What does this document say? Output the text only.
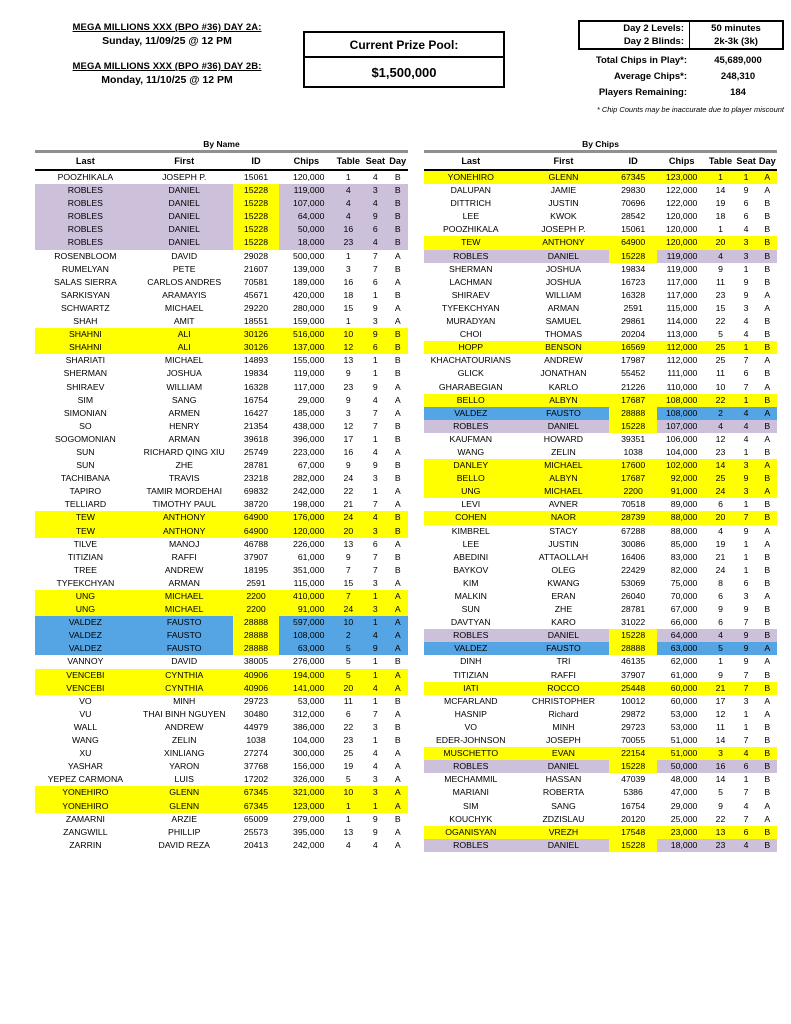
MEGA MILLIONS XXX (BPO #36) DAY 2A:
Sunday, 11/09/25 @ 12 PM
MEGA MILLIONS XXX (BPO #36) DAY 2B:
Monday, 11/10/25 @ 12 PM
Current Prize Pool:
$1,500,000
Day 2 Levels:	50 minutes
Day 2 Blinds:	2k-3k (3k)
Total Chips in Play*:	45,689,000
Average Chips*:	248,310
Players Remaining:	184
* Chip Counts may be inaccurate due to player miscount
By Name
Last	First	ID	Chips	Table	Seat	Day
POOZHIKALA	JOSEPH P.	15061	120,000	1	4	B
ROBLES	DANIEL	15228	119,000	4	3	B
ROBLES	DANIEL	15228	107,000	4	4	B
ROBLES	DANIEL	15228	64,000	4	9	B
ROBLES	DANIEL	15228	50,000	16	6	B
ROBLES	DANIEL	15228	18,000	23	4	B
ROSENBLOOM	DAVID	29028	500,000	1	7	A
RUMELYAN	PETE	21607	139,000	3	7	B
SALAS SIERRA	CARLOS ANDRES	70581	189,000	16	6	A
SARKISYAN	ARAMAYIS	45671	420,000	18	1	B
SCHWARTZ	MICHAEL	29220	280,000	15	9	A
SHAH	AMIT	18551	159,000	1	3	A
SHAHNI	ALI	30126	516,000	10	9	B
SHAHNI	ALI	30126	137,000	12	6	B
SHARIATI	MICHAEL	14893	155,000	13	1	B
SHERMAN	JOSHUA	19834	119,000	9	1	B
SHIRAEV	WILLIAM	16328	117,000	23	9	A
SIM	SANG	16754	29,000	9	4	A
SIMONIAN	ARMEN	16427	185,000	3	7	A
SO	HENRY	21354	438,000	12	7	B
SOGOMONIAN	ARMAN	39618	396,000	17	1	B
SUN	RICHARD QING XIU	25749	223,000	16	4	A
SUN	ZHE	28781	67,000	9	9	B
TACHIBANA	TRAVIS	23218	282,000	24	3	B
TAPIRO	TAMIR MORDEHAI	69832	242,000	22	1	A
TELLIARD	TIMOTHY PAUL	38720	198,000	21	7	A
TEW	ANTHONY	64900	176,000	24	4	B
TEW	ANTHONY	64900	120,000	20	3	B
TILVE	MANOJ	46788	226,000	13	6	A
TITIZIAN	RAFFI	37907	61,000	9	7	B
TREE	ANDREW	18195	351,000	7	7	B
TYFEKCHYAN	ARMAN	2591	115,000	15	3	A
UNG	MICHAEL	2200	410,000	7	1	A
UNG	MICHAEL	2200	91,000	24	3	A
VALDEZ	FAUSTO	28888	597,000	10	1	A
VALDEZ	FAUSTO	28888	108,000	2	4	A
VALDEZ	FAUSTO	28888	63,000	5	9	A
VANNOY	DAVID	38005	276,000	5	1	B
VENCEBI	CYNTHIA	40906	194,000	5	1	A
VENCEBI	CYNTHIA	40906	141,000	20	4	A
VO	MINH	29723	53,000	11	1	B
VU	THAI BINH NGUYEN	30480	312,000	6	7	A
WALL	ANDREW	44979	386,000	22	3	B
WANG	ZELIN	1038	104,000	23	1	B
XU	XINLIANG	27274	300,000	25	4	A
YASHAR	YARON	37768	156,000	19	4	A
YEPEZ CARMONA	LUIS	17202	326,000	5	3	A
YONEHIRO	GLENN	67345	321,000	10	3	A
YONEHIRO	GLENN	67345	123,000	1	1	A
ZAMARNI	ARZIE	65009	279,000	1	9	B
ZANGWILL	PHILLIP	25573	395,000	13	9	A
ZARRIN	DAVID REZA	20413	242,000	4	4	A
By Chips
Last	First	ID	Chips	Table	Seat	Day
YONEHIRO	GLENN	67345	123,000	1	1	A
DALUPAN	JAMIE	29830	122,000	14	9	A
DITTRICH	JUSTIN	70696	122,000	19	6	B
LEE	KWOK	28542	120,000	18	6	B
POOZHIKALA	JOSEPH P.	15061	120,000	1	4	B
TEW	ANTHONY	64900	120,000	20	3	B
ROBLES	DANIEL	15228	119,000	4	3	B
SHERMAN	JOSHUA	19834	119,000	9	1	B
LACHMAN	JOSHUA	16723	117,000	11	9	B
SHIRAEV	WILLIAM	16328	117,000	23	9	A
TYFEKCHYAN	ARMAN	2591	115,000	15	3	A
MURADYAN	SAMUEL	29861	114,000	22	4	B
CHOI	THOMAS	20204	113,000	5	4	B
HOPP	BENSON	16569	112,000	25	1	B
KHACHATOURIANS	ANDREW	17987	112,000	25	7	A
GLICK	JONATHAN	55452	111,000	11	6	B
GHARABEGIAN	KARLO	21226	110,000	10	7	A
BELLO	ALBYN	17687	108,000	22	1	B
VALDEZ	FAUSTO	28888	108,000	2	4	A
ROBLES	DANIEL	15228	107,000	4	4	B
KAUFMAN	HOWARD	39351	106,000	12	4	A
WANG	ZELIN	1038	104,000	23	1	B
DANLEY	MICHAEL	17600	102,000	14	3	A
BELLO	ALBYN	17687	92,000	25	9	B
UNG	MICHAEL	2200	91,000	24	3	A
LEVI	AVNER	70518	89,000	6	1	B
COHEN	NAOR	28739	88,000	20	7	B
KIMBREL	STACY	67288	88,000	4	9	A
LEE	JUSTIN	30086	85,000	19	1	A
ABEDINI	ATTAOLLAH	16406	83,000	21	1	B
BAYKOV	OLEG	22429	82,000	24	1	B
KIM	KWANG	53069	75,000	8	6	B
MALKIN	ERAN	26040	70,000	6	3	A
SUN	ZHE	28781	67,000	9	9	B
DAVTYAN	KARO	31022	66,000	6	7	B
ROBLES	DANIEL	15228	64,000	4	9	B
VALDEZ	FAUSTO	28888	63,000	5	9	A
DINH	TRI	46135	62,000	1	9	A
TITIZIAN	RAFFI	37907	61,000	9	7	B
IATI	ROCCO	25448	60,000	21	7	B
MCFARLAND	CHRISTOPHER	10012	60,000	17	3	A
HASNIP	Richard	29872	53,000	12	1	A
VO	MINH	29723	53,000	11	1	B
EDER-JOHNSON	JOSEPH	70055	51,000	14	7	B
MUSCHETTO	EVAN	22154	51,000	3	4	B
ROBLES	DANIEL	15228	50,000	16	6	B
MECHAMMIL	HASSAN	47039	48,000	14	1	B
MARIANI	ROBERTA	5386	47,000	5	7	B
SIM	SANG	16754	29,000	9	4	A
KOUCHYK	ZDZISLAU	20120	25,000	22	7	A
OGANISYAN	VREZH	17548	23,000	13	6	B
ROBLES	DANIEL	15228	18,000	23	4	B
